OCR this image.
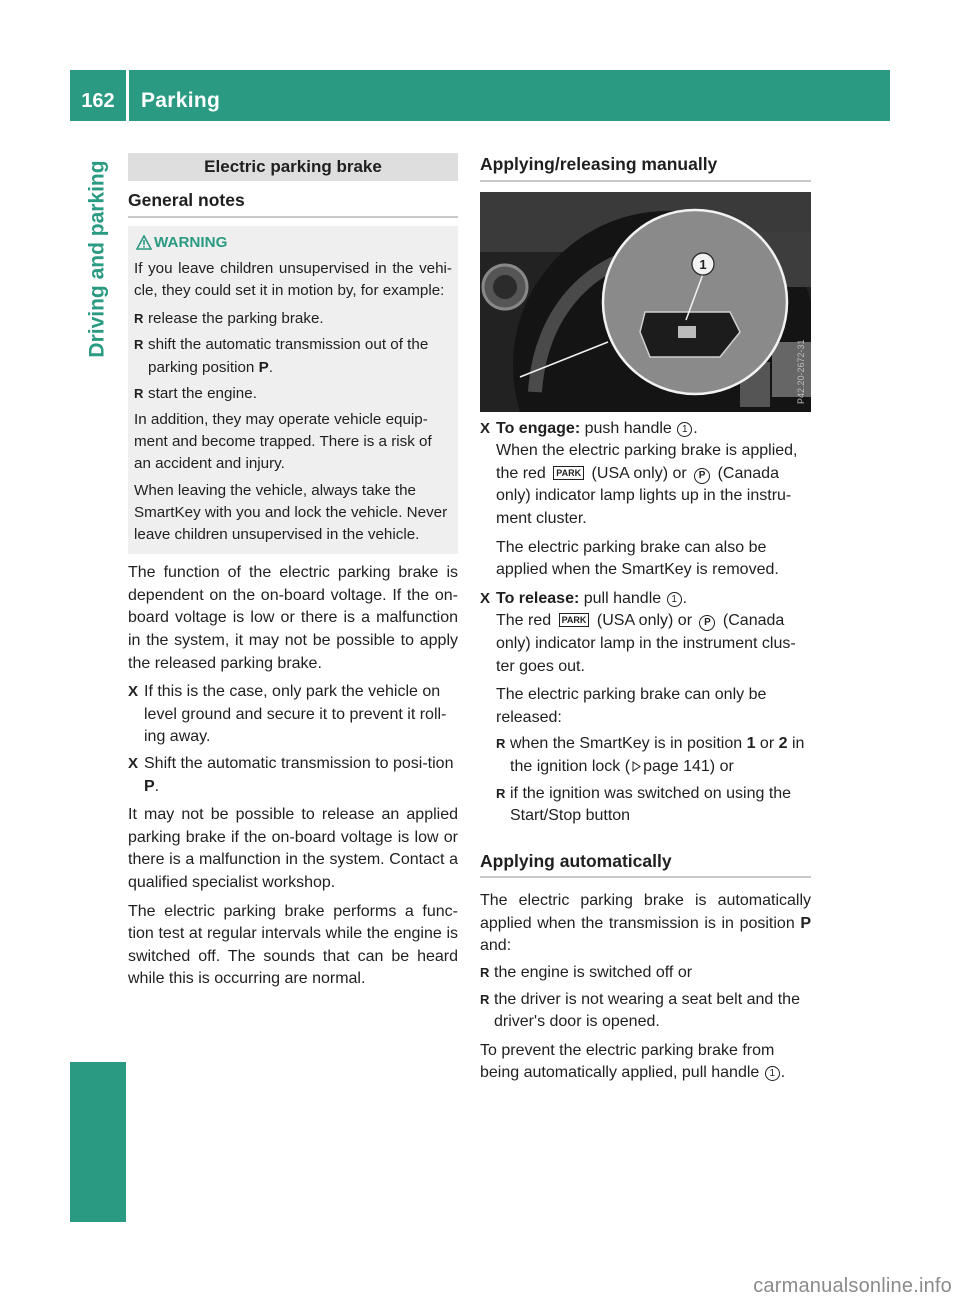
162	Parking
Driving and parking	Electric parking brake
General notes
WARNING

If you leave children unsupervised in the vehi-cle, they could set it in motion by, for example:

R release the parking brake.
R shift the automatic transmission out of the parking position P.
R start the engine.

In addition, they may operate vehicle equip-ment and become trapped. There is a risk of an accident and injury.

When leaving the vehicle, always take the SmartKey with you and lock the vehicle. Never leave children unsupervised in the vehicle.

The function of the electric parking brake is dependent on the on-board voltage. If the on-board voltage is low or there is a malfunction in the system, it may not be possible to apply the released parking brake.

X If this is the case, only park the vehicle on level ground and secure it to prevent it roll-ing away.
X Shift the automatic transmission to posi-tion P.

It may not be possible to release an applied parking brake if the on-board voltage is low or there is a malfunction in the system. Contact a qualified specialist workshop.

The electric parking brake performs a func-tion test at regular intervals while the engine is switched off. The sounds that can be heard while this is occurring are normal.

Applying/releasing manually
1
P42.20-2672-31
X To engage: push handle 1 .

When the electric parking brake is applied, the red PARK (USA only) or P (Canada only) indicator lamp lights up in the instru-ment cluster.

The electric parking brake can also be applied when the SmartKey is removed.

X To release: pull handle 1 .

The red PARK (USA only) or P (Canada only) indicator lamp in the instrument clus-ter goes out.

The electric parking brake can only be released:

R when the SmartKey is in position 1 or 2 in the ignition lock ( page 141) or
R if the ignition was switched on using the Start/Stop button
Applying automatically

The electric parking brake is automatically applied when the transmission is in position P and:

R the engine is switched off or
R the driver is not wearing a seat belt and the driver's door is opened.

To prevent the electric parking brake from being automatically applied, pull handle 1 .

carmanualsonline.info
